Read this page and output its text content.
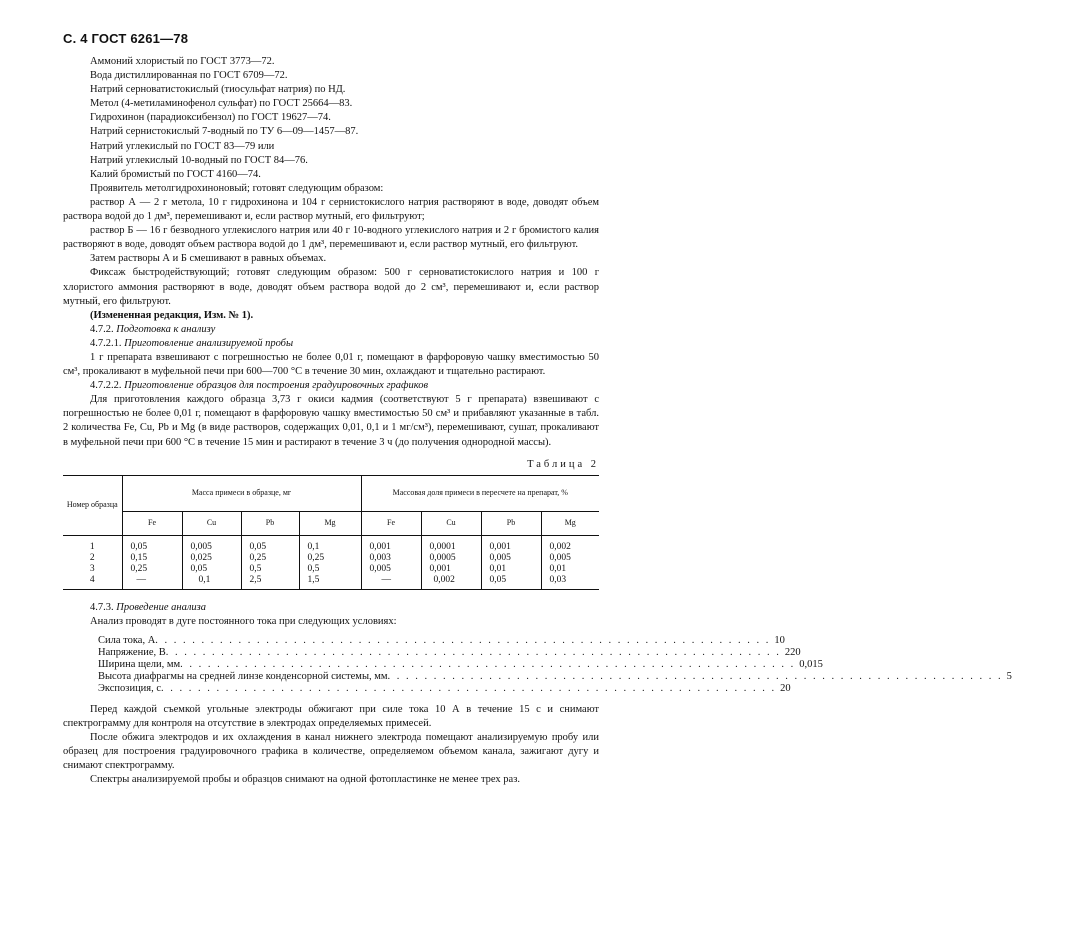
С. 4 ГОСТ 6261—78

Аммоний хлористый по ГОСТ 3773—72.

Вода дистиллированная по ГОСТ 6709—72.

Натрий серноватистокислый (тиосульфат натрия) по НД.

Метол (4-метиламинофенол сульфат) по ГОСТ 25664—83.

Гидрохинон (парадиоксибензол) по ГОСТ 19627—74.

Натрий сернистокислый 7-водный по ТУ 6—09—1457—87.

Натрий углекислый по ГОСТ 83—79 или

Натрий углекислый 10-водный по ГОСТ 84—76.

Калий бромистый по ГОСТ 4160—74.

Проявитель метолгидрохиноновый; готовят следующим образом:

раствор А — 2 г метола, 10 г гидрохинона и 104 г сернистокислого натрия растворяют в воде, доводят объем раствора водой до 1 дм³, перемешивают и, если раствор мутный, его фильтруют;

раствор Б — 16 г безводного углекислого натрия или 40 г 10-водного углекислого натрия и 2 г бромистого калия растворяют в воде, доводят объем раствора водой до 1 дм³, перемешивают и, если раствор мутный, его фильтруют.

Затем растворы А и Б смешивают в равных объемах.

Фиксаж быстродействующий; готовят следующим образом: 500 г серноватистокислого натрия и 100 г хлористого аммония растворяют в воде, доводят объем раствора водой до 2 см³, перемешивают и, если раствор мутный, его фильтруют.

(Измененная редакция, Изм. № 1).

4.7.2. Подготовка к анализу

4.7.2.1. Приготовление анализируемой пробы

1 г препарата взвешивают с погрешностью не более 0,01 г, помещают в фарфоровую чашку вместимостью 50 см³, прокаливают в муфельной печи при 600—700 °С в течение 30 мин, охлаждают и тщательно растирают.

4.7.2.2. Приготовление образцов для построения градуировочных графиков

Для приготовления каждого образца 3,73 г окиси кадмия (соответствуют 5 г препарата) взвешивают с погрешностью не более 0,01 г, помещают в фарфоровую чашку вместимостью 50 см³ и прибавляют указанные в табл. 2 количества Fe, Cu, Pb и Mg (в виде растворов, содержащих 0,01, 0,1 и 1 мг/см³), перемешивают, сушат, прокаливают в муфельной печи при 600 °С в течение 15 мин и растирают в течение 3 ч (до получения однородной массы).

Таблица 2
Номер образца	Масса примеси в образце, мг				Массовая доля примеси в пересчете на препарат, %			
	Fe	Cu	Pb	Mg	Fe	Cu	Pb	Mg
1	0,05	0,005	0,05	0,1	0,001	0,0001	0,001	0,002
2	0,15	0,025	0,25	0,25	0,003	0,0005	0,005	0,005
3	0,25	0,05	0,5	0,5	0,005	0,001	0,01	0,01
4	—	0,1	2,5	1,5	—	0,002	0,05	0,03

4.7.3. Проведение анализа

Анализ проводят в дуге постоянного тока при следующих условиях:

Сила тока, А . . . . . . . . . . . . . . . . . . . . . . . . . . . . . . . . . . . . . . . . . . . . . . . . . . . . . . . . . . . . . . . . . . . 10
Напряжение, В . . . . . . . . . . . . . . . . . . . . . . . . . . . . . . . . . . . . . . . . . . . . . . . . . . . . . . . . . . . . . . . . . . . 220
Ширина щели, мм . . . . . . . . . . . . . . . . . . . . . . . . . . . . . . . . . . . . . . . . . . . . . . . . . . . . . . . . . . . . . . . . . . . 0,015
Высота диафрагмы на средней линзе конденсорной системы, мм . . . . . . . . . . . . . . . . . . . . . . . . . . . . . . . . . . . . . . . . . . . . . . . . . . . . . . . . . . . . . . . . . . . 5
Экспозиция, с . . . . . . . . . . . . . . . . . . . . . . . . . . . . . . . . . . . . . . . . . . . . . . . . . . . . . . . . . . . . . . . . . . . 20

Перед каждой съемкой угольные электроды обжигают при силе тока 10 А в течение 15 с и снимают спектрограмму для контроля на отсутствие в электродах определяемых примесей.

После обжига электродов и их охлаждения в канал нижнего электрода помещают анализируемую пробу или образец для построения градуировочного графика в количестве, определяемом объемом канала, зажигают дугу и снимают спектрограмму.

Спектры анализируемой пробы и образцов снимают на одной фотопластинке не менее трех раз.
